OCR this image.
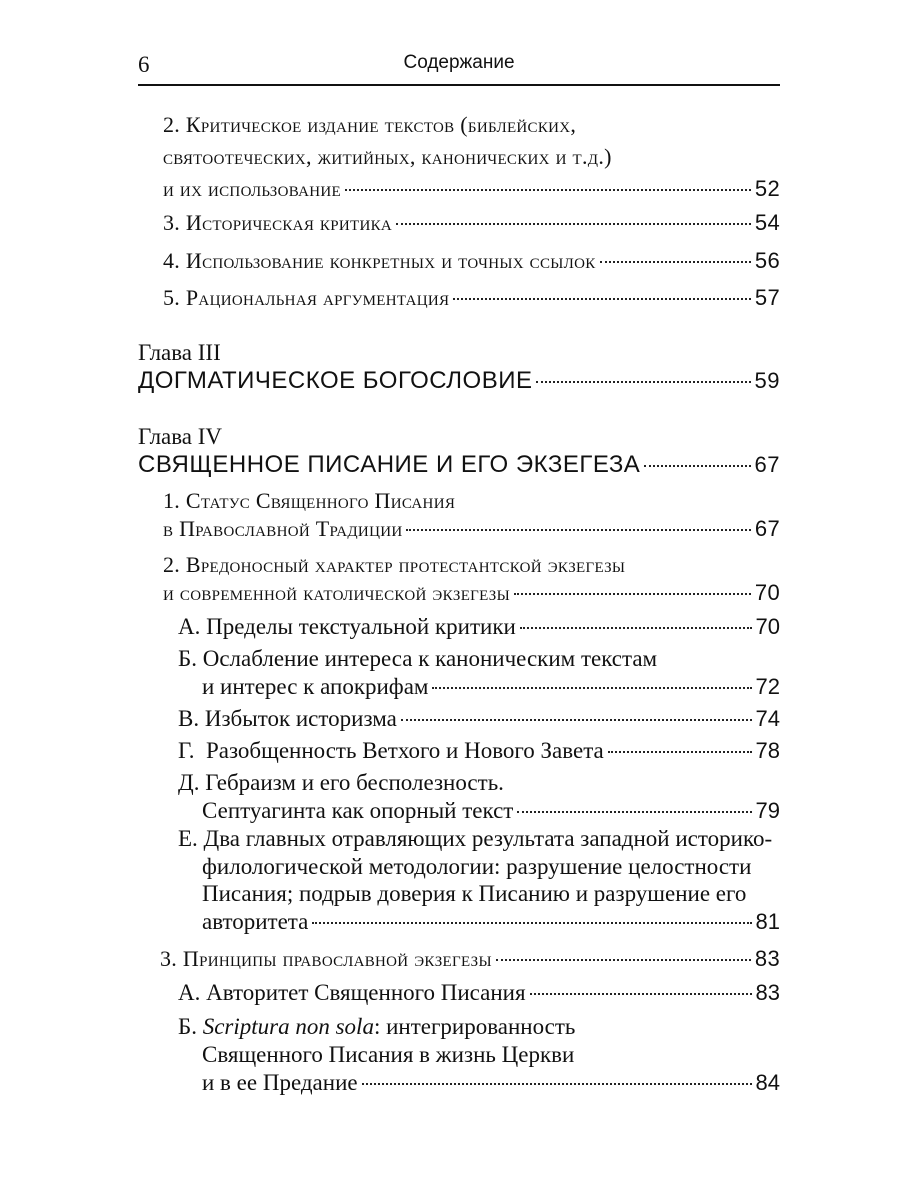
6	Содержание
2. Критическое издание текстов (библейских,
святоотеческих, житийных, канонических и т.д.)
и их использование	52
3. Историческая критика	54
4. Использование конкретных и точных ссылок	56
5. Рациональная аргументация	57
Глава III
ДОГМАТИЧЕСКОЕ БОГОСЛОВИЕ	59
Глава IV
СВЯЩЕННОЕ ПИСАНИЕ И ЕГО ЭКЗЕГЕЗА	67
1. Статус Священного Писания
в Православной Традиции	67
2. Вредоносный характер протестантской экзегезы
и современной католической экзегезы	70
А. Пределы текстуальной критики	70
Б. Ослабление интереса к каноническим текстам
и интерес к апокрифам	72
В. Избыток историзма	74
Г.  Разобщенность Ветхого и Нового Завета	78
Д. Гебраизм и его бесполезность.
Септуагинта как опорный текст	79
Е. Два главных отравляющих результата западной историко-
филологической методологии: разрушение целостности
Писания; подрыв доверия к Писанию и разрушение его
авторитета	81
3. Принципы православной экзегезы	83
А. Авторитет Священного Писания	83
Б. Scriptura non sola: интегрированность
Священного Писания в жизнь Церкви
и в ее Предание	84
